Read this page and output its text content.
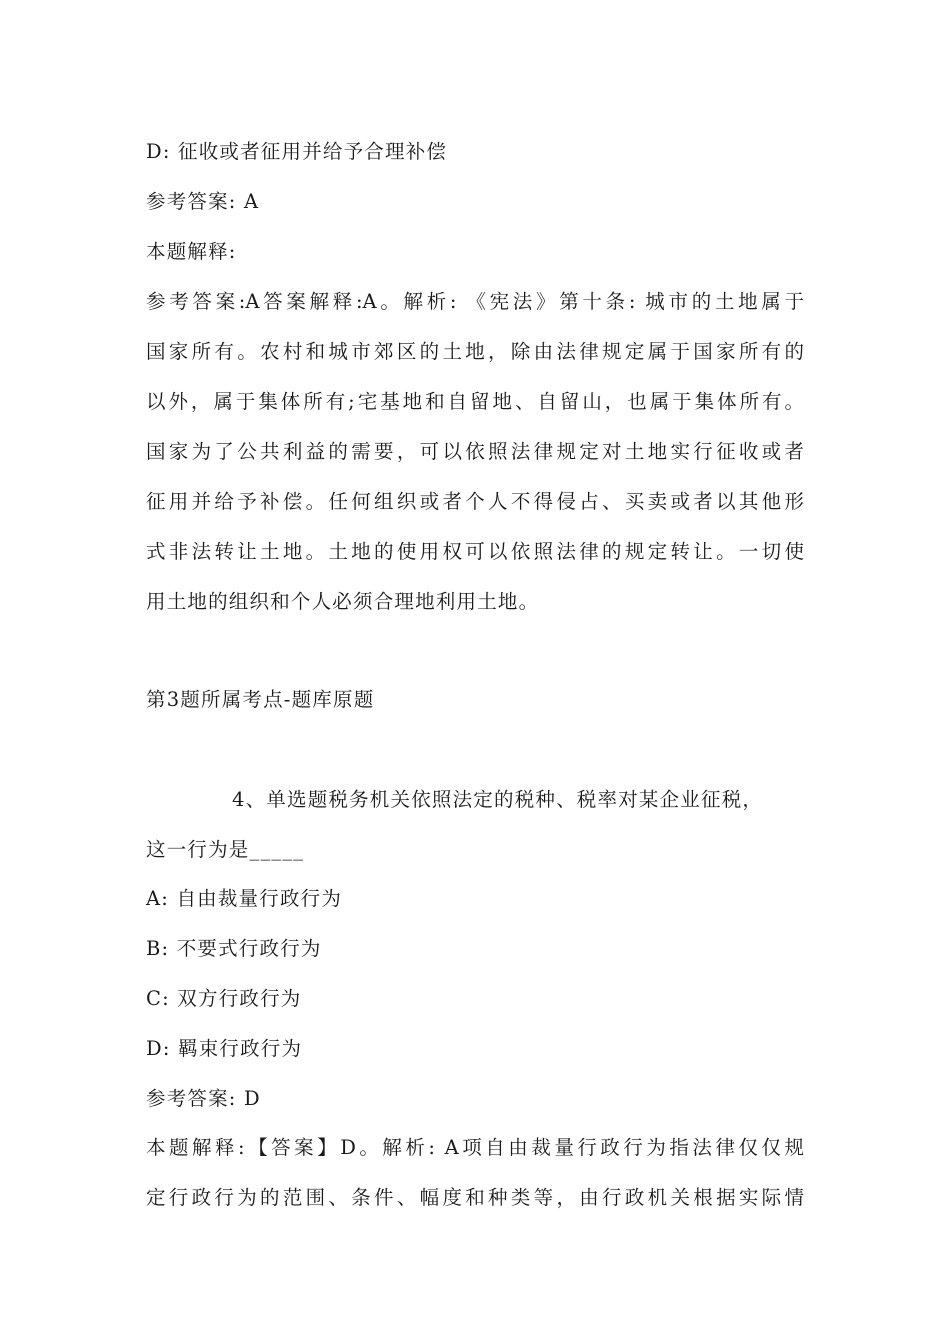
D: 征收或者征用并给予合理补偿
参考答案: A
本题解释:
参考答案:A答案解释:A。解析: 《宪法》第十条: 城市的土地属于
国家所有。农村和城市郊区的土地，除由法律规定属于国家所有的
以外，属于集体所有;宅基地和自留地、自留山，也属于集体所有。
国家为了公共利益的需要，可以依照法律规定对土地实行征收或者
征用并给予补偿。任何组织或者个人不得侵占、买卖或者以其他形
式非法转让土地。土地的使用权可以依照法律的规定转让。一切使
用土地的组织和个人必须合理地利用土地。
第3题所属考点-题库原题
4、单选题税务机关依照法定的税种、税率对某企业征税，
这一行为是_____
A: 自由裁量行政行为
B: 不要式行政行为
C: 双方行政行为
D: 羁束行政行为
参考答案: D
本题解释:【答案】D。解析: A项自由裁量行政行为指法律仅仅规
定行政行为的范围、条件、幅度和种类等，由行政机关根据实际情
